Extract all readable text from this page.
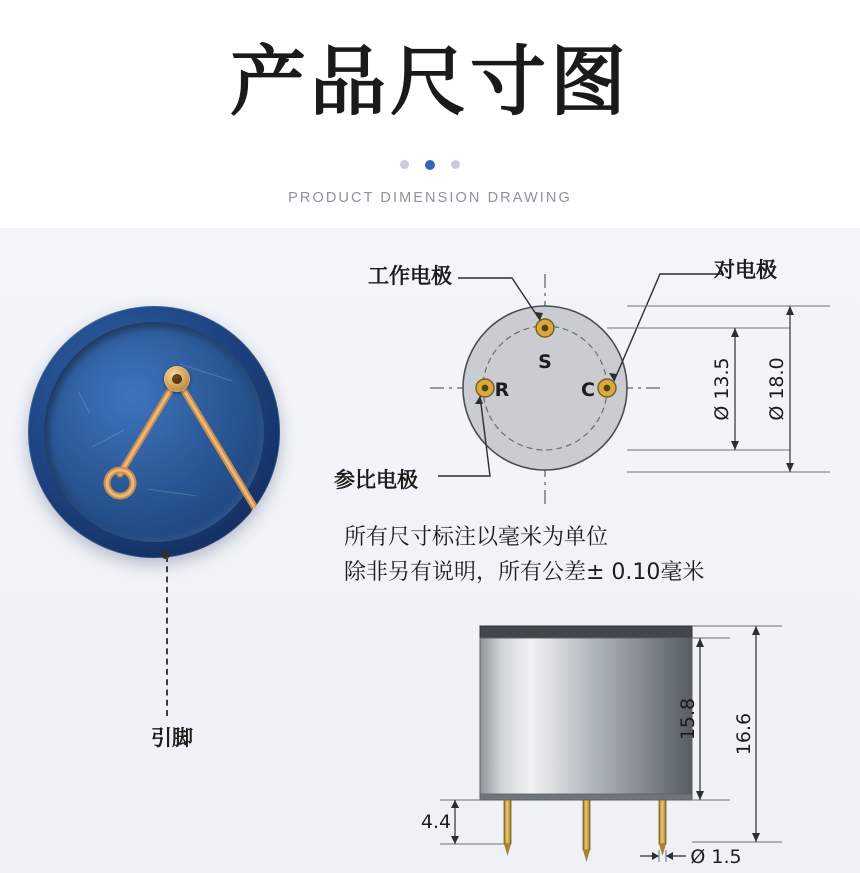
产品尺寸图

PRODUCT DIMENSION DRAWING
引脚
S
R	C	Ø 13.5 Ø 18.0
工作电极	对电极
参比电极
所有尺寸标注以毫米为单位
除非另有说明，所有公差± 0.10毫米
15.8 16.6
4.4
Ø 1.5
